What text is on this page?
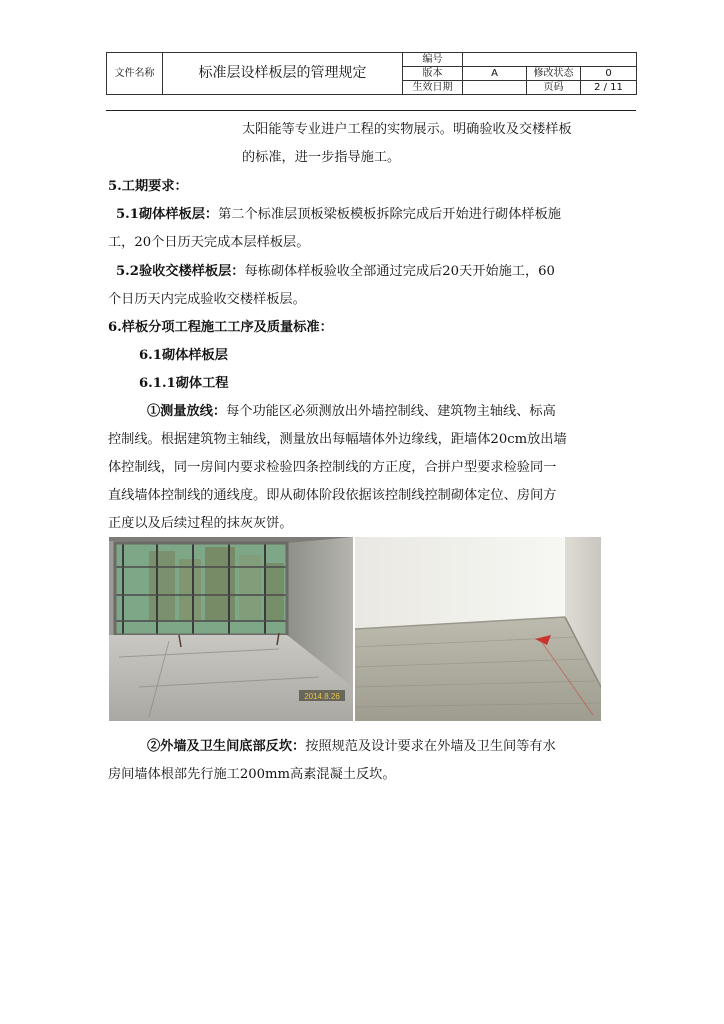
文件名称	标准层设样板层的管理规定	编号			
		版本	A	修改状态	0
		生效日期		页码	2 / 11
太阳能等专业进户工程的实物展示。明确验收及交楼样板
的标准，进一步指导施工。
5.工期要求：
5.1砌体样板层：第二个标准层顶板梁板模板拆除完成后开始进行砌体样板施
工，20个日历天完成本层样板层。
5.2验收交楼样板层：每栋砌体样板验收全部通过完成后20天开始施工，60
个日历天内完成验收交楼样板层。
6.样板分项工程施工工序及质量标准：
6.1砌体样板层
6.1.1砌体工程
①测量放线：每个功能区必须测放出外墙控制线、建筑物主轴线、标高
控制线。根据建筑物主轴线，测量放出每幅墙体外边缘线，距墙体20cm放出墙
体控制线，同一房间内要求检验四条控制线的方正度，合拼户型要求检验同一
直线墙体控制线的通线度。即从砌体阶段依据该控制线控制砌体定位、房间方
正度以及后续过程的抹灰灰饼。
2014.8.26
②外墙及卫生间底部反坎：按照规范及设计要求在外墙及卫生间等有水
房间墙体根部先行施工200mm高素混凝土反坎。
